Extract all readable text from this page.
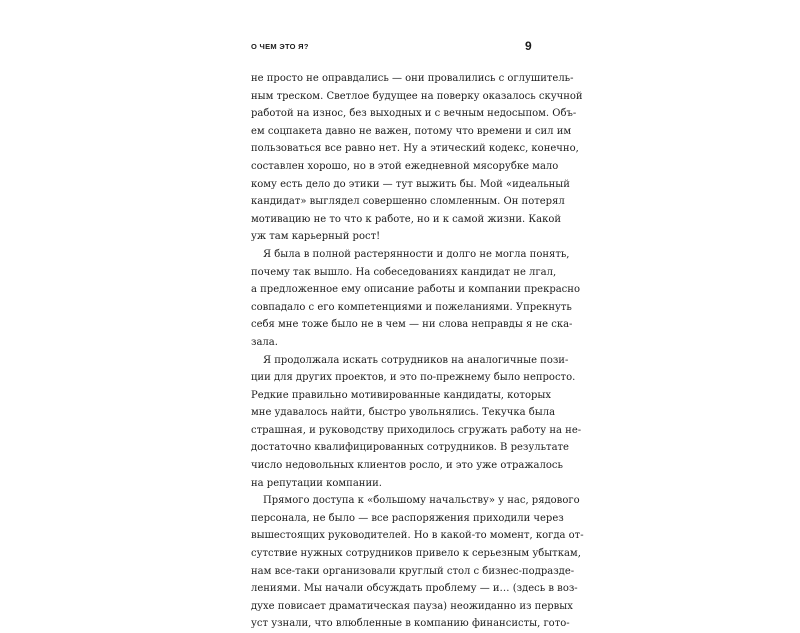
О ЧЕМ ЭТО Я?	9
не просто не оправдались — они провалились с оглушитель-
ным треском. Светлое будущее на поверку оказалось скучной
работой на износ, без выходных и с вечным недосыпом. Объ-
ем соцпакета давно не важен, потому что времени и сил им
пользоваться все равно нет. Ну а этический кодекс, конечно,
составлен хорошо, но в этой ежедневной мясорубке мало
кому есть дело до этики — тут выжить бы. Мой «идеальный
кандидат» выглядел совершенно сломленным. Он потерял
мотивацию не то что к работе, но и к самой жизни. Какой
уж там карьерный рост!
Я была в полной растерянности и долго не могла понять,
почему так вышло. На собеседованиях кандидат не лгал,
а предложенное ему описание работы и компании прекрасно
совпадало с его компетенциями и пожеланиями. Упрекнуть
себя мне тоже было не в чем — ни слова неправды я не ска-
зала.
Я продолжала искать сотрудников на аналогичные пози-
ции для других проектов, и это по-прежнему было непросто.
Редкие правильно мотивированные кандидаты, которых
мне удавалось найти, быстро увольнялись. Текучка была
страшная, и руководству приходилось сгружать работу на не-
достаточно квалифицированных сотрудников. В результате
число недовольных клиентов росло, и это уже отражалось
на репутации компании.
Прямого доступа к «большому начальству» у нас, рядового
персонала, не было — все распоряжения приходили через
вышестоящих руководителей. Но в какой-то момент, когда от-
сутствие нужных сотрудников привело к серьезным убыткам,
нам все-таки организовали круглый стол с бизнес-подразде-
лениями. Мы начали обсуждать проблему — и… (здесь в воз-
духе повисает драматическая пауза) неожиданно из первых
уст узнали, что влюбленные в компанию финансисты, гото-
